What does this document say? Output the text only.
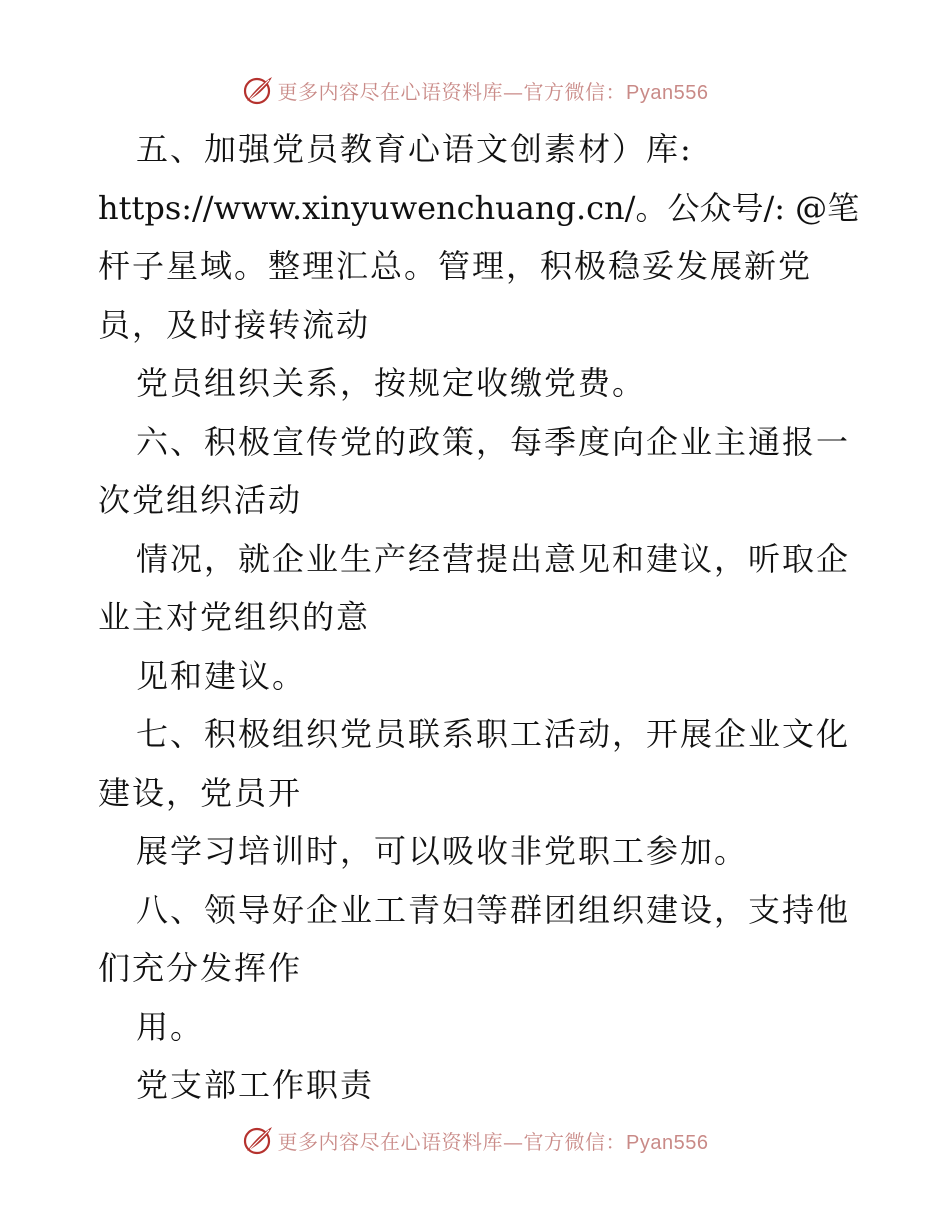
更多内容尽在心语资料库—官方微信：Pyan556
五、加强党员教育心语文创素材）库:
https://www.xinyuwenchuang.cn/。公众号/: @笔
杆子星域。整理汇总。管理，积极稳妥发展新党
员，及时接转流动
党员组织关系，按规定收缴党费。
六、积极宣传党的政策，每季度向企业主通报一
次党组织活动
情况，就企业生产经营提出意见和建议，听取企
业主对党组织的意
见和建议。
七、积极组织党员联系职工活动，开展企业文化
建设，党员开
展学习培训时，可以吸收非党职工参加。
八、领导好企业工青妇等群团组织建设，支持他
们充分发挥作
用。
党支部工作职责
更多内容尽在心语资料库—官方微信：Pyan556
